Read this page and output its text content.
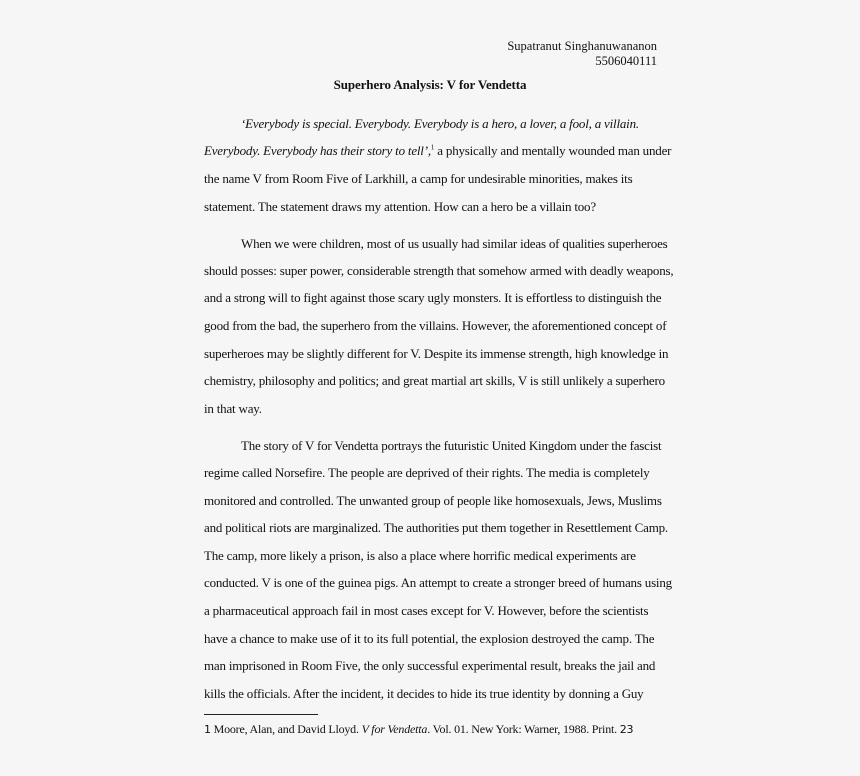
Supatranut Singhanuwananon
5506040111
Superhero Analysis: V for Vendetta
‘Everybody is special. Everybody. Everybody is a hero, a lover, a fool, a villain.
Everybody. Everybody has their story to tell’,$^1$ a physically and mentally wounded man under
the name V from Room Five of Larkhill, a camp for undesirable minorities, makes its
statement. The statement draws my attention. How can a hero be a villain too?
When we were children, most of us usually had similar ideas of qualities superheroes
should posses: super power, considerable strength that somehow armed with deadly weapons,
and a strong will to fight against those scary ugly monsters. It is effortless to distinguish the
good from the bad, the superhero from the villains. However, the aforementioned concept of
superheroes may be slightly different for V. Despite its immense strength, high knowledge in
chemistry, philosophy and politics; and great martial art skills, V is still unlikely a superhero
in that way.
The story of V for Vendetta portrays the futuristic United Kingdom under the fascist
regime called Norsefire. The people are deprived of their rights. The media is completely
monitored and controlled. The unwanted group of people like homosexuals, Jews, Muslims
and political riots are marginalized. The authorities put them together in Resettlement Camp.
The camp, more likely a prison, is also a place where horrific medical experiments are
conducted. V is one of the guinea pigs. An attempt to create a stronger breed of humans using
a pharmaceutical approach fail in most cases except for V. However, before the scientists
have a chance to make use of it to its full potential, the explosion destroyed the camp. The
man imprisoned in Room Five, the only successful experimental result, breaks the jail and
kills the officials. After the incident, it decides to hide its true identity by donning a Guy
1 Moore, Alan, and David Lloyd. V for Vendetta. Vol. 01. New York: Warner, 1988. Print. 23
